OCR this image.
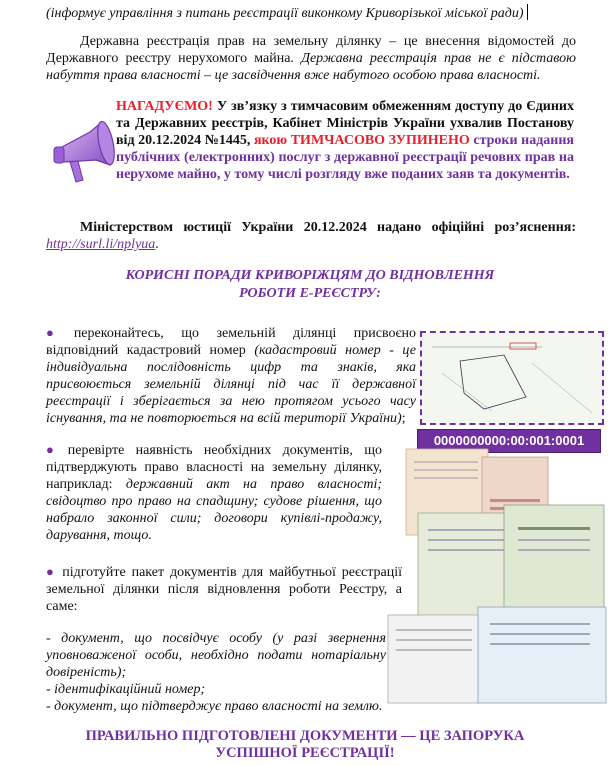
(інформує управління з питань реєстрації виконкому Криворізької міської ради)
Державна реєстрація прав на земельну ділянку – це внесення відомостей до Державного реєстру нерухомого майна. Державна реєстрація прав не є підставою набуття права власності – це засвідчення вже набутого особою права власності.
НАГАДУЄМО! У зв’язку з тимчасовим обмеженням доступу до Єдиних та Державних реєстрів, Кабінет Міністрів України ухвалив Постанову від 20.12.2024 №1445, якою ТИМЧАСОВО ЗУПИНЕНО строки надання публічних (електронних) послуг з державної реєстрації речових прав на нерухоме майно, у тому числі розгляду вже поданих заяв та документів.
Міністерством юстиції України 20.12.2024 надано офіційні роз’яснення: http://surl.li/nplyua.
КОРИСНІ ПОРАДИ КРИВОРІЖЦЯМ ДО ВІДНОВЛЕННЯ
РОБОТИ Е-РЕЄСТРУ:
● переконайтесь, що земельній ділянці присвоєно відповідний кадастровий номер (кадастровий номер - це індивідуальна послідовність цифр та знаків, яка присвоюється земельній ділянці під час її державної реєстрації і зберігається за нею протягом усього часу існування, та не повторюється на всій території України);
0000000000:00:001:0001
● перевірте наявність необхідних документів, що підтверджують право власності на земельну ділянку, наприклад: державний акт на право власності; свідоцтво про право на спадщину; судове рішення, що набрало законної сили; договори купівлі-продажу, дарування, тощо.
● підготуйте пакет документів для майбутньої реєстрації земельної ділянки після відновлення роботи Реєстру, а саме:
- документ, що посвідчує особу (у разі звернення уповноваженої особи, необхідно подати нотаріальну довіреність);
- ідентифікаційний номер;
- документ, що підтверджує право власності на землю.
ПРАВИЛЬНО ПІДГОТОВЛЕНІ ДОКУМЕНТИ — ЦЕ ЗАПОРУКА
УСПІШНОЇ РЕЄСТРАЦІЇ!
